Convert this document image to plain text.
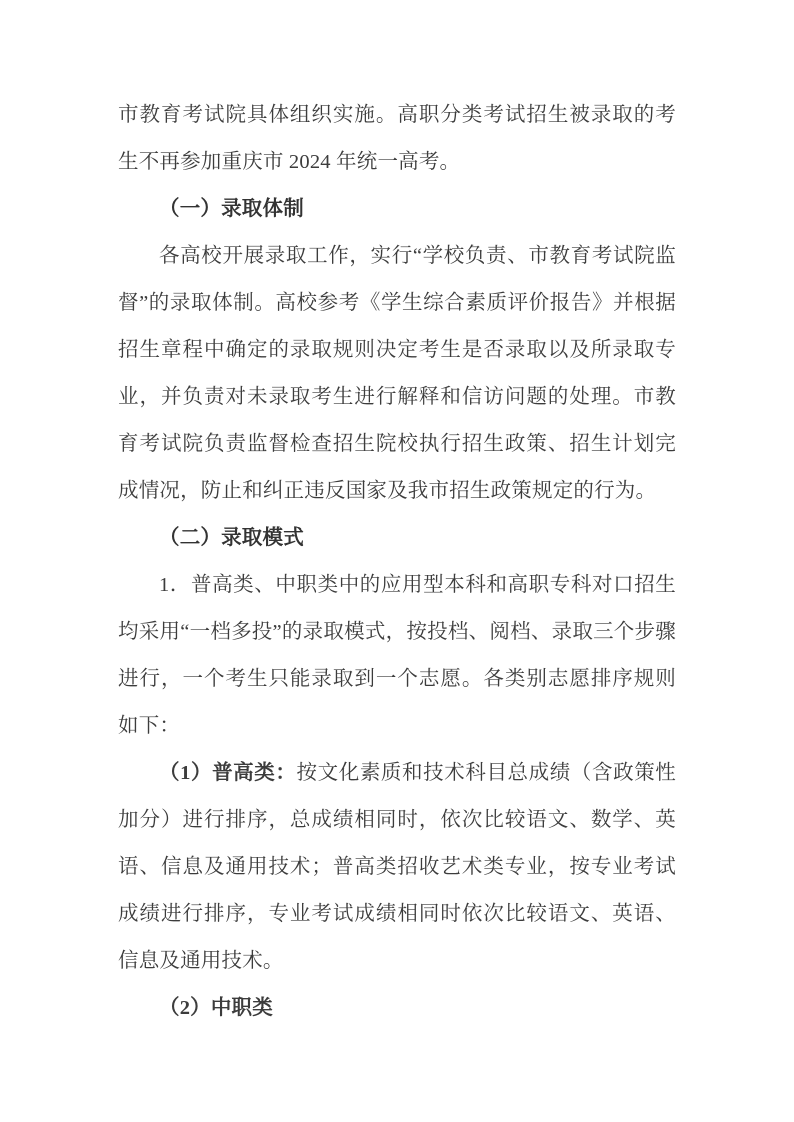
市教育考试院具体组织实施。高职分类考试招生被录取的考生不再参加重庆市 2024 年统一高考。

（一）录取体制

各高校开展录取工作，实行“学校负责、市教育考试院监督”的录取体制。高校参考《学生综合素质评价报告》并根据招生章程中确定的录取规则决定考生是否录取以及所录取专业，并负责对未录取考生进行解释和信访问题的处理。市教育考试院负责监督检查招生院校执行招生政策、招生计划完成情况，防止和纠正违反国家及我市招生政策规定的行为。

（二）录取模式

1．普高类、中职类中的应用型本科和高职专科对口招生均采用“一档多投”的录取模式，按投档、阅档、录取三个步骤进行，一个考生只能录取到一个志愿。各类别志愿排序规则如下：

（1）普高类：按文化素质和技术科目总成绩（含政策性加分）进行排序，总成绩相同时，依次比较语文、数学、英语、信息及通用技术；普高类招收艺术类专业，按专业考试成绩进行排序，专业考试成绩相同时依次比较语文、英语、信息及通用技术。

（2）中职类
